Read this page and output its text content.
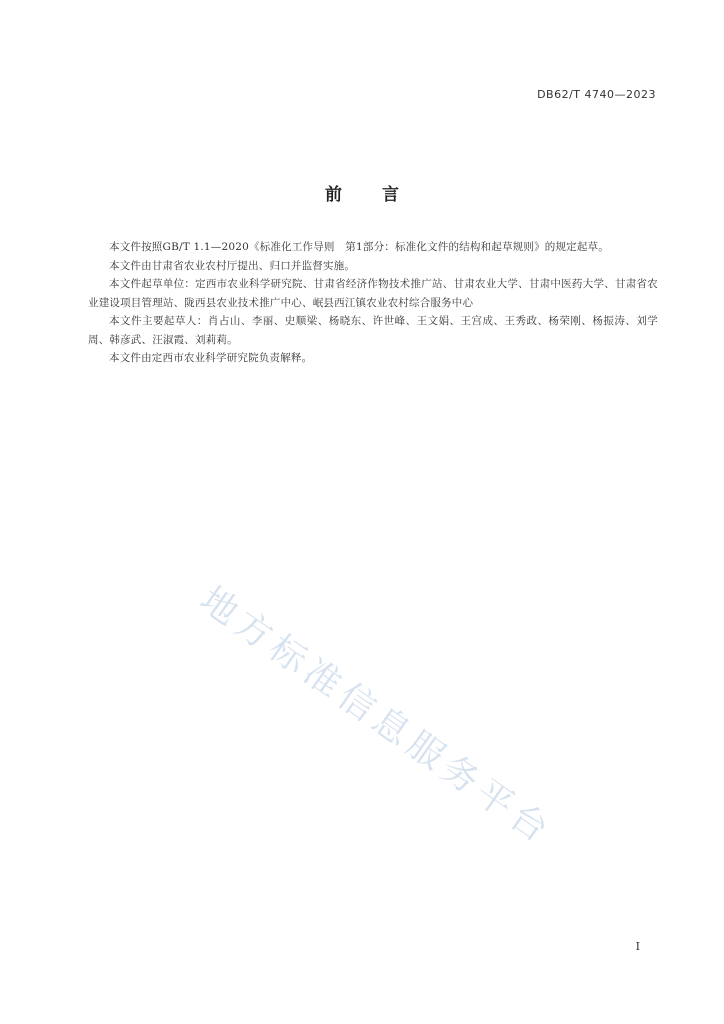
DB62/T 4740—2023
前言

本文件按照GB/T 1.1—2020《标准化工作导则　第1部分：标准化文件的结构和起草规则》的规定起草。

本文件由甘肃省农业农村厅提出、归口并监督实施。

本文件起草单位：定西市农业科学研究院、甘肃省经济作物技术推广站、甘肃农业大学、甘肃中医药大学、甘肃省农业建设项目管理站、陇西县农业技术推广中心、岷县西江镇农业农村综合服务中心

本文件主要起草人：肖占山、李丽、史顺梁、杨晓东、许世峰、王文娟、王宫成、王秀政、杨荣刚、杨振涛、刘学周、韩彦武、汪淑霞、刘莉莉。

本文件由定西市农业科学研究院负责解释。

地方标准信息服务平台
I
